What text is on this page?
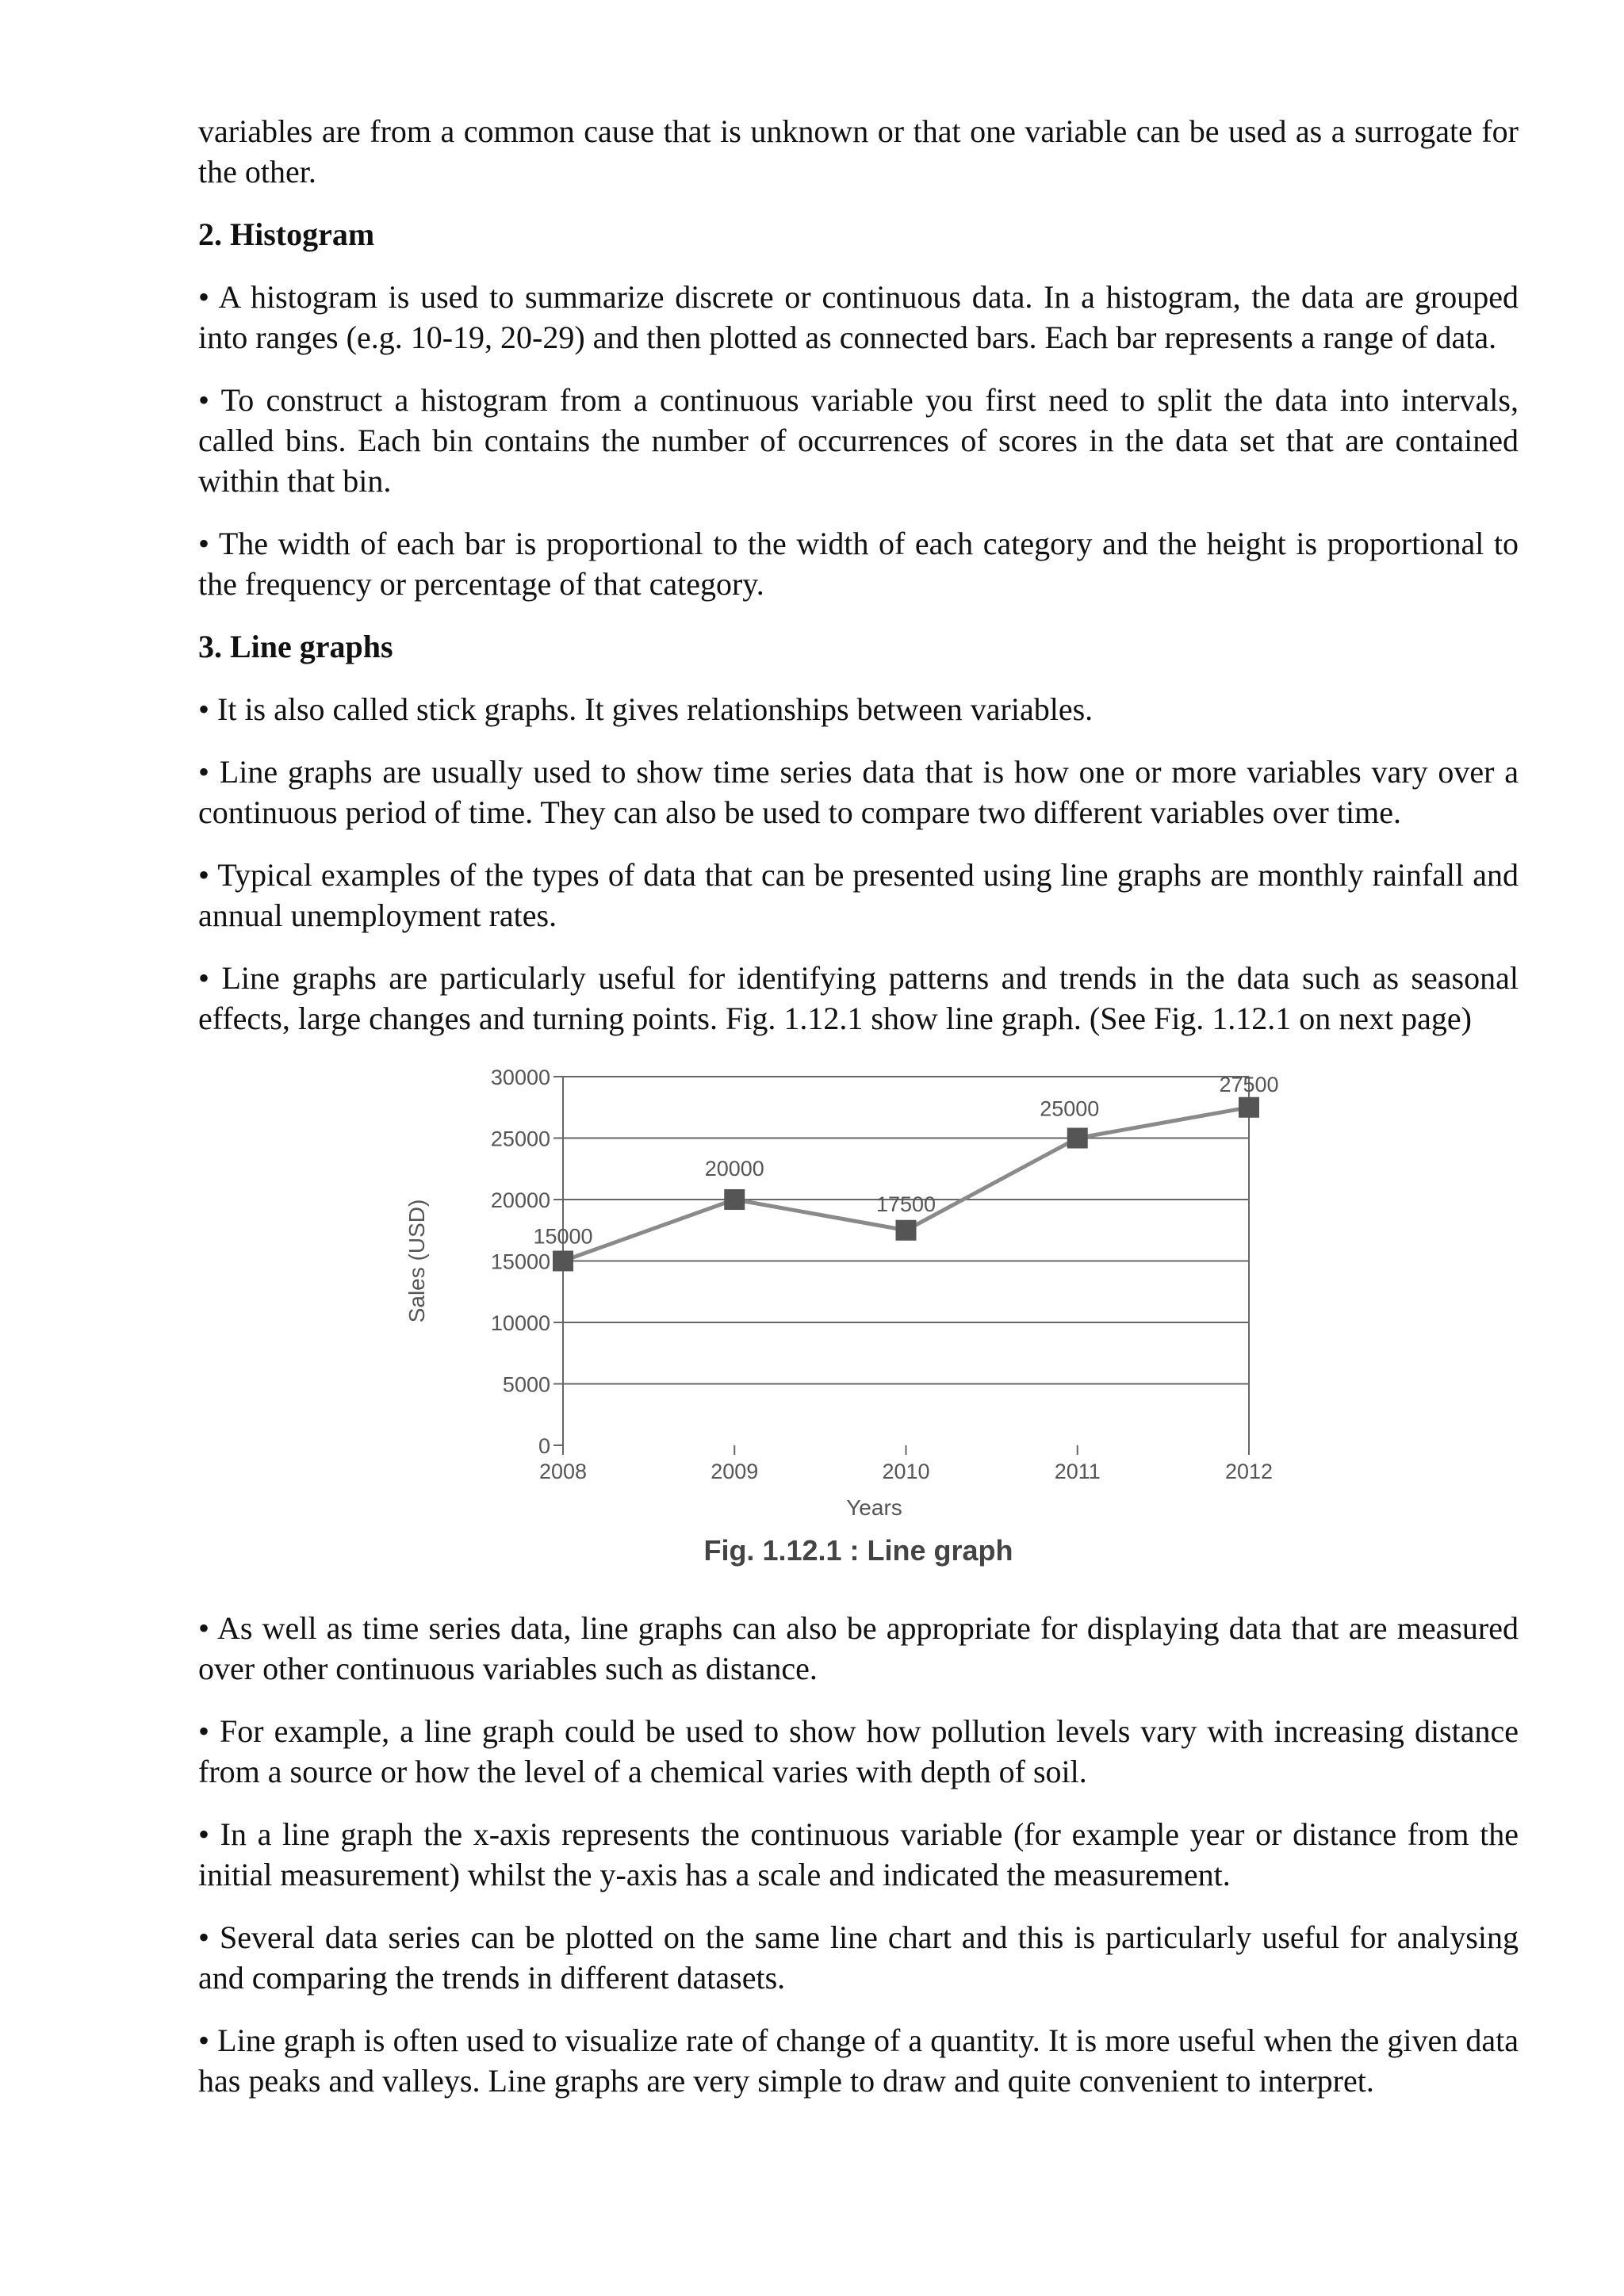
variables are from a common cause that is unknown or that one variable can be used as a surrogate for the other.

2. Histogram

• A histogram is used to summarize discrete or continuous data. In a histogram, the data are grouped into ranges (e.g. 10-19, 20-29) and then plotted as connected bars. Each bar represents a range of data.

• To construct a histogram from a continuous variable you first need to split the data into intervals, called bins. Each bin contains the number of occurrences of scores in the data set that are contained within that bin.

• The width of each bar is proportional to the width of each category and the height is proportional to the frequency or percentage of that category.

3. Line graphs

• It is also called stick graphs. It gives relationships between variables.

• Line graphs are usually used to show time series data that is how one or more variables vary over a continuous period of time. They can also be used to compare two different variables over time.

• Typical examples of the types of data that can be presented using line graphs are monthly rainfall and annual unemployment rates.

• Line graphs are particularly useful for identifying patterns and trends in the data such as seasonal effects, large changes and turning points. Fig. 1.12.1 show line graph. (See Fig. 1.12.1 on next page)

0
5000
10000
15000
20000
25000
30000
2008	2009	2010	2011	2012
Years
Sales (USD)	15000
20000
17500
25000
27500
Fig. 1.12.1 : Line graph

• As well as time series data, line graphs can also be appropriate for displaying data that are measured over other continuous variables such as distance.

• For example, a line graph could be used to show how pollution levels vary with increasing distance from a source or how the level of a chemical varies with depth of soil.

• In a line graph the x-axis represents the continuous variable (for example year or distance from the initial measurement) whilst the y-axis has a scale and indicated the measurement.

• Several data series can be plotted on the same line chart and this is particularly useful for analysing and comparing the trends in different datasets.

• Line graph is often used to visualize rate of change of a quantity. It is more useful when the given data has peaks and valleys. Line graphs are very simple to draw and quite convenient to interpret.
